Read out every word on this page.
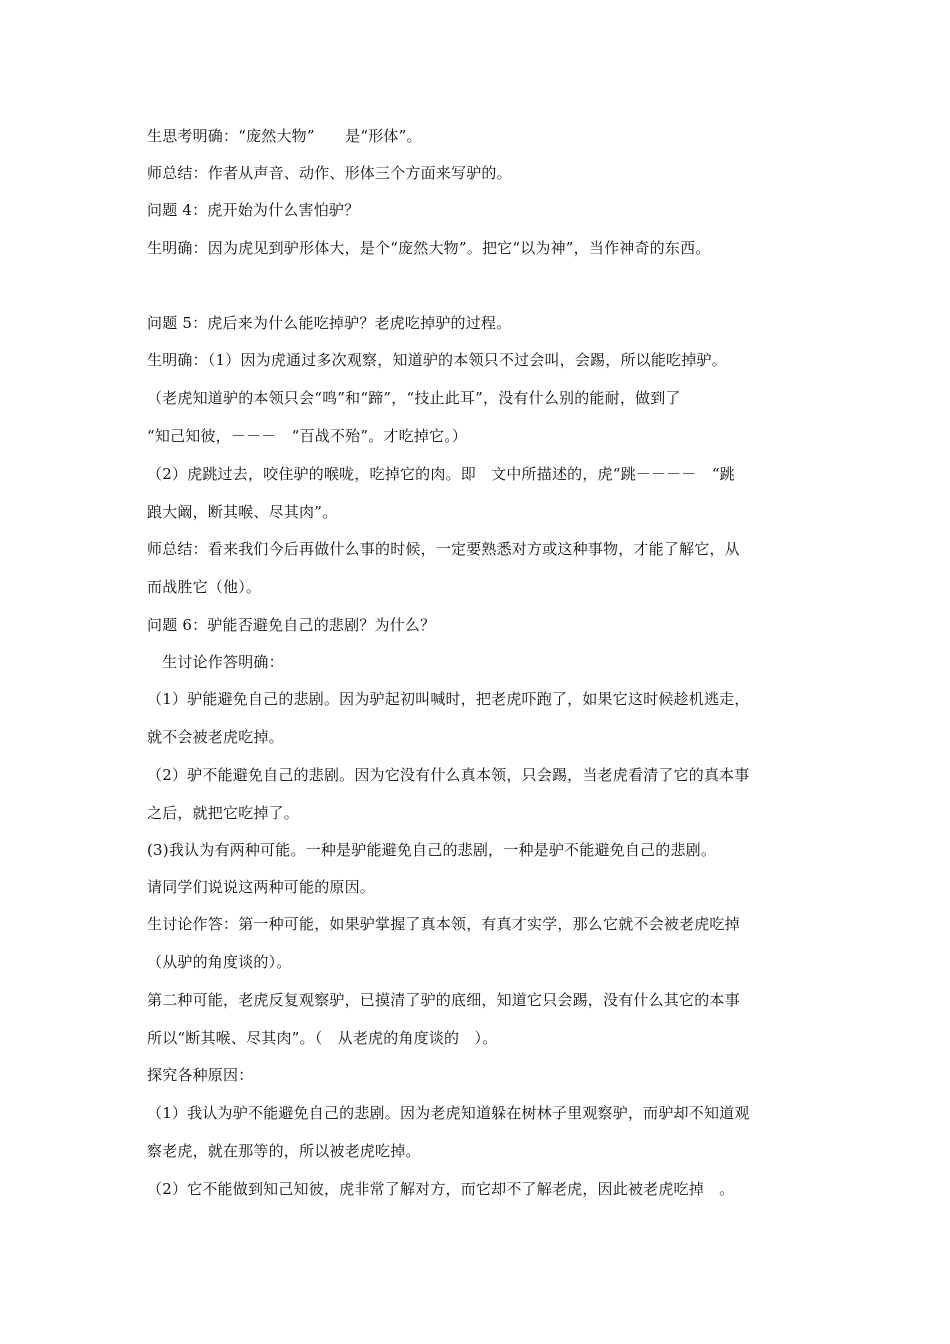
生思考明确：“庞然大物”　　是“形体”。
师总结：作者从声音、动作、形体三个方面来写驴的。
问题 4：虎开始为什么害怕驴？
生明确：因为虎见到驴形体大，是个“庞然大物”。把它“以为神”，当作神奇的东西。
问题 5：虎后来为什么能吃掉驴？老虎吃掉驴的过程。
生明确：（1）因为虎通过多次观察，知道驴的本领只不过会叫，会踢，所以能吃掉驴。
（老虎知道驴的本领只会“鸣”和“蹄”，“技止此耳”，没有什么别的能耐，做到了
“知己知彼，－－－　“百战不殆”。才吃掉它。）
（2）虎跳过去，咬住驴的喉咙，吃掉它的肉。即　文中所描述的，虎“跳－－－－　“跳
踉大阚，断其喉、尽其肉”。
师总结：看来我们今后再做什么事的时候，一定要熟悉对方或这种事物，才能了解它，从
而战胜它（他）。
问题 6：驴能否避免自己的悲剧？为什么？
　生讨论作答明确：
（1）驴能避免自己的悲剧。因为驴起初叫喊时，把老虎吓跑了，如果它这时候趁机逃走，
就不会被老虎吃掉。
（2）驴不能避免自己的悲剧。因为它没有什么真本领，只会踢，当老虎看清了它的真本事
之后，就把它吃掉了。
(3)我认为有两种可能。一种是驴能避免自己的悲剧，一种是驴不能避免自己的悲剧。
请同学们说说这两种可能的原因。
生讨论作答：第一种可能，如果驴掌握了真本领，有真才实学，那么它就不会被老虎吃掉
（从驴的角度谈的）。
第二种可能，老虎反复观察驴，已摸清了驴的底细，知道它只会踢，没有什么其它的本事
所以“断其喉、尽其肉”。（　从老虎的角度谈的　）。
探究各种原因：
（1）我认为驴不能避免自己的悲剧。因为老虎知道躲在树林子里观察驴，而驴却不知道观
察老虎，就在那等的，所以被老虎吃掉。
（2）它不能做到知己知彼，虎非常了解对方，而它却不了解老虎，因此被老虎吃掉　。
